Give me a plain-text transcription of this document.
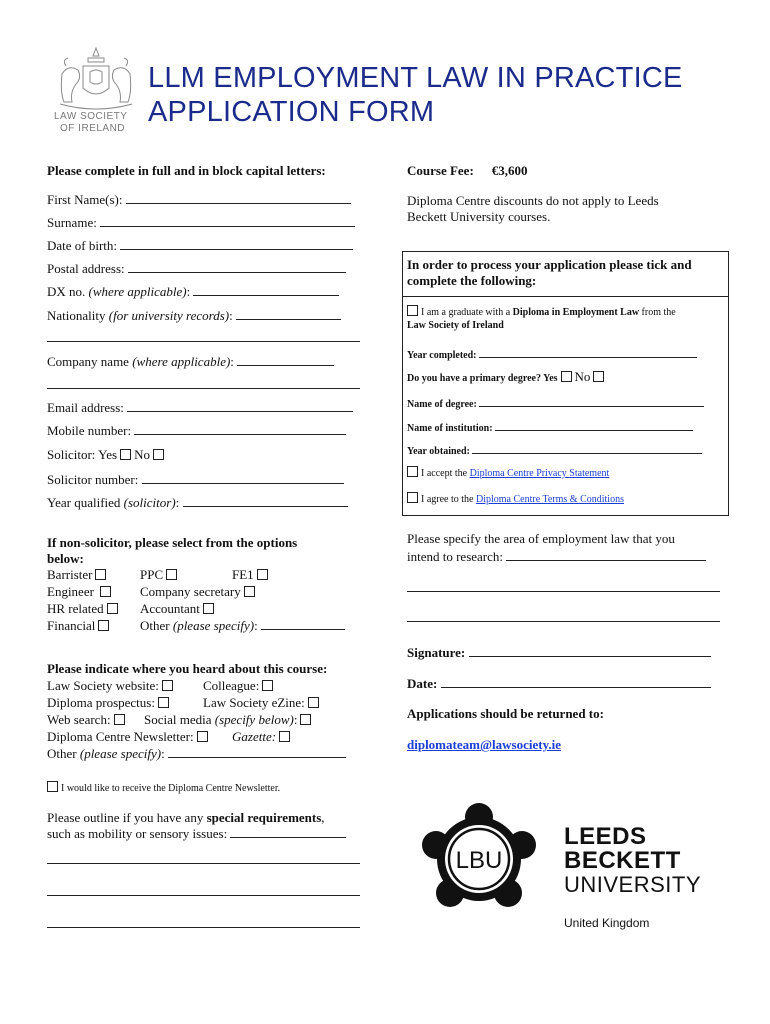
LAW SOCIETY
OF IRELAND
LLM EMPLOYMENT LAW IN PRACTICE
APPLICATION FORM
Please complete in full and in block capital letters:
First Name(s):
Surname:
Date of birth:
Postal address:
DX no. (where applicable):
Nationality (for university records):
Company name (where applicable):
Email address:
Mobile number:
Solicitor: Yes No
Solicitor number:
Year qualified (solicitor):
If non-solicitor, please select from the options
below:
Barrister	PPC	FE1
Engineer	Company secretary
HR related	Accountant
Financial	Other (please specify):
Please indicate where you heard about this course:
Law Society website:	Colleague:
Diploma prospectus:	Law Society eZine:
Web search:	Social media (specify below):
Diploma Centre Newsletter:	Gazette:
Other (please specify):
I would like to receive the Diploma Centre Newsletter.
Please outline if you have any special requirements,
such as mobility or sensory issues:
Course Fee: €3,600
Diploma Centre discounts do not apply to Leeds
Beckett University courses.
In order to process your application please tick and
complete the following:
I am a graduate with a Diploma in Employment Law from the
Law Society of Ireland
Year completed:
Do you have a primary degree? Yes No
Name of degree:
Name of institution:
Year obtained:
I accept the Diploma Centre Privacy Statement
I agree to the Diploma Centre Terms & Conditions
Please specify the area of employment law that you
intend to research:
Signature:
Date:
Applications should be returned to:
diplomateam@lawsociety.ie
LBU
LEEDS
BECKETT
UNIVERSITY
United Kingdom
